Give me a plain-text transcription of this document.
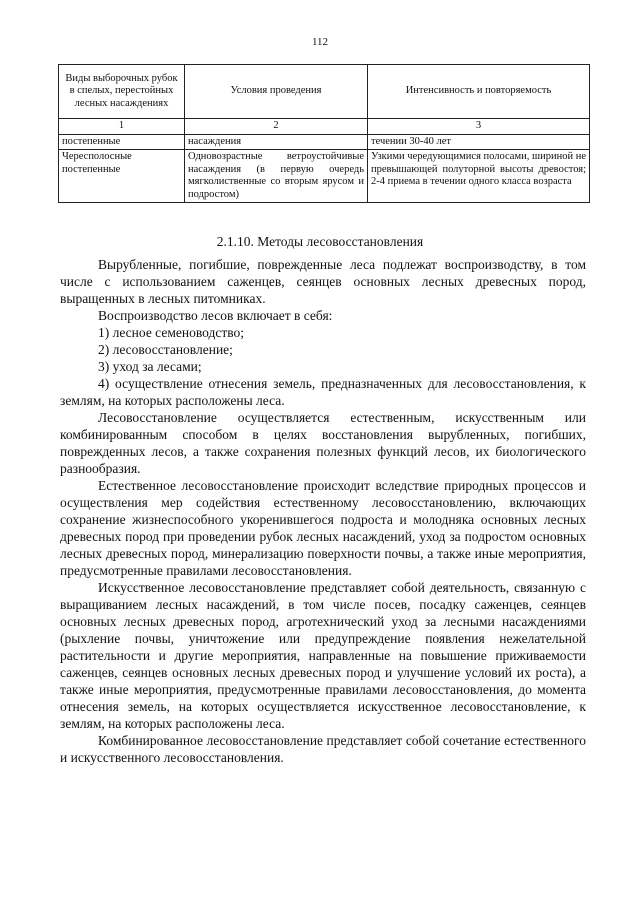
112
Виды выборочных рубок в спелых, перестойных лесных насаждениях	Условия проведения	Интенсивность и повторяемость
1	2	3
постепенные	насаждения	течении 30-40 лет
Чересполосные постепенные	Одновозрастные ветроустойчивые насаждения (в первую очередь мягколиственные со вторым ярусом и подростом)	Узкими чередующимися полосами, шириной не превышающей полуторной высоты древостоя; 2-4 приема в течении одного класса возраста
2.1.10. Методы лесовосстановления

Вырубленные, погибшие, поврежденные леса подлежат воспроизводству, в том числе с использованием саженцев, сеянцев основных лесных древесных пород, выращенных в лесных питомниках.

Воспроизводство лесов включает в себя:

1) лесное семеноводство;

2) лесовосстановление;

3) уход за лесами;

4) осуществление отнесения земель, предназначенных для лесовосстановления, к землям, на которых расположены леса.

Лесовосстановление осуществляется естественным, искусственным или комбинированным способом в целях восстановления вырубленных, погибших, поврежденных лесов, а также сохранения полезных функций лесов, их биологического разнообразия.

Естественное лесовосстановление происходит вследствие природных процессов и осуществления мер содействия естественному лесовосстановлению, включающих сохранение жизнеспособного укоренившегося подроста и молодняка основных лесных древесных пород при проведении рубок лесных насаждений, уход за подростом основных лесных древесных пород, минерализацию поверхности почвы, а также иные мероприятия, предусмотренные правилами лесовосстановления.

Искусственное лесовосстановление представляет собой деятельность, связанную с выращиванием лесных насаждений, в том числе посев, посадку саженцев, сеянцев основных лесных древесных пород, агротехнический уход за лесными насаждениями (рыхление почвы, уничтожение или предупреждение появления нежелательной растительности и другие мероприятия, направленные на повышение приживаемости саженцев, сеянцев основных лесных древесных пород и улучшение условий их роста), а также иные мероприятия, предусмотренные правилами лесовосстановления, до момента отнесения земель, на которых осуществляется искусственное лесовосстановление, к землям, на которых расположены леса.

Комбинированное лесовосстановление представляет собой сочетание естественного и искусственного лесовосстановления.
